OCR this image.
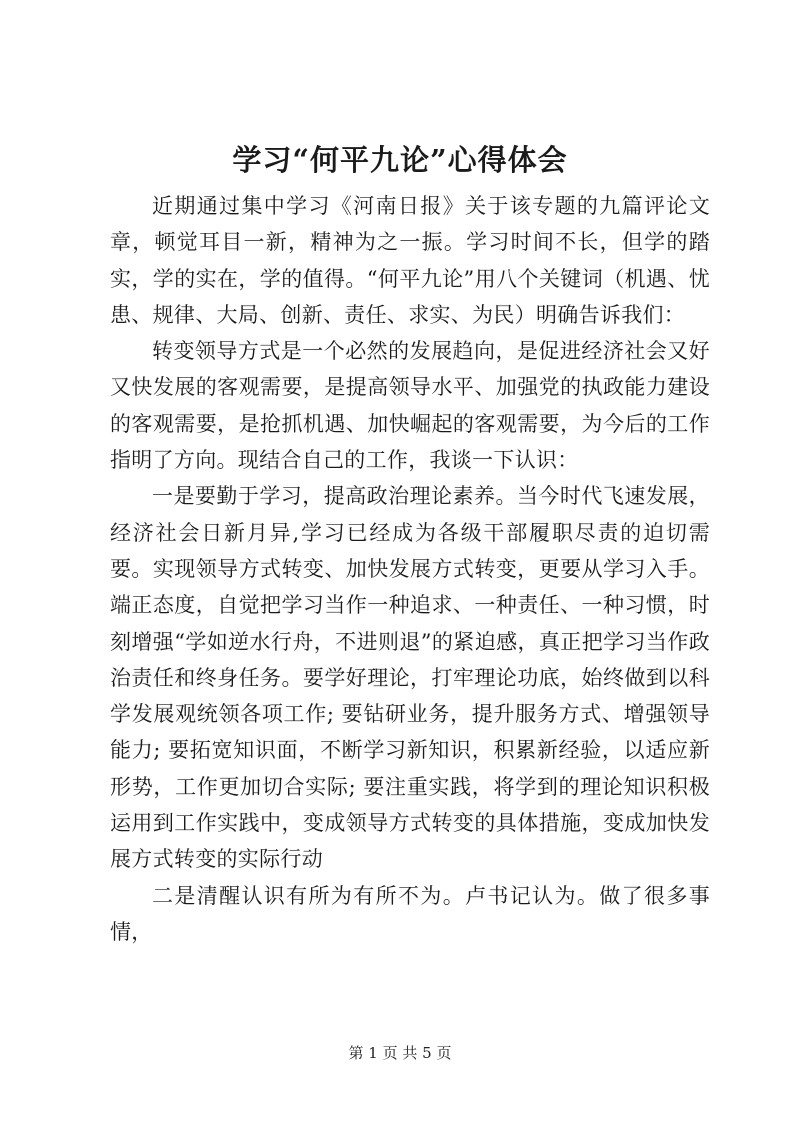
学习“何平九论”心得体会

近期通过集中学习《河南日报》关于该专题的九篇评论文章，顿觉耳目一新，精神为之一振。学习时间不长，但学的踏实，学的实在，学的值得。“何平九论”用八个关键词（机遇、忧患、规律、大局、创新、责任、求实、为民）明确告诉我们：

转变领导方式是一个必然的发展趋向，是促进经济社会又好又快发展的客观需要，是提高领导水平、加强党的执政能力建设的客观需要，是抢抓机遇、加快崛起的客观需要，为今后的工作指明了方向。现结合自己的工作，我谈一下认识：

一是要勤于学习，提高政治理论素养。当今时代飞速发展，经济社会日新月异,学习已经成为各级干部履职尽责的迫切需要。实现领导方式转变、加快发展方式转变，更要从学习入手。端正态度，自觉把学习当作一种追求、一种责任、一种习惯，时刻增强“学如逆水行舟，不进则退”的紧迫感，真正把学习当作政治责任和终身任务。要学好理论，打牢理论功底，始终做到以科学发展观统领各项工作; 要钻研业务，提升服务方式、增强领导能力; 要拓宽知识面，不断学习新知识，积累新经验，以适应新形势，工作更加切合实际; 要注重实践，将学到的理论知识积极运用到工作实践中，变成领导方式转变的具体措施，变成加快发展方式转变的实际行动

二是清醒认识有所为有所不为。卢书记认为。做了很多事情，

第 1 页 共 5 页
